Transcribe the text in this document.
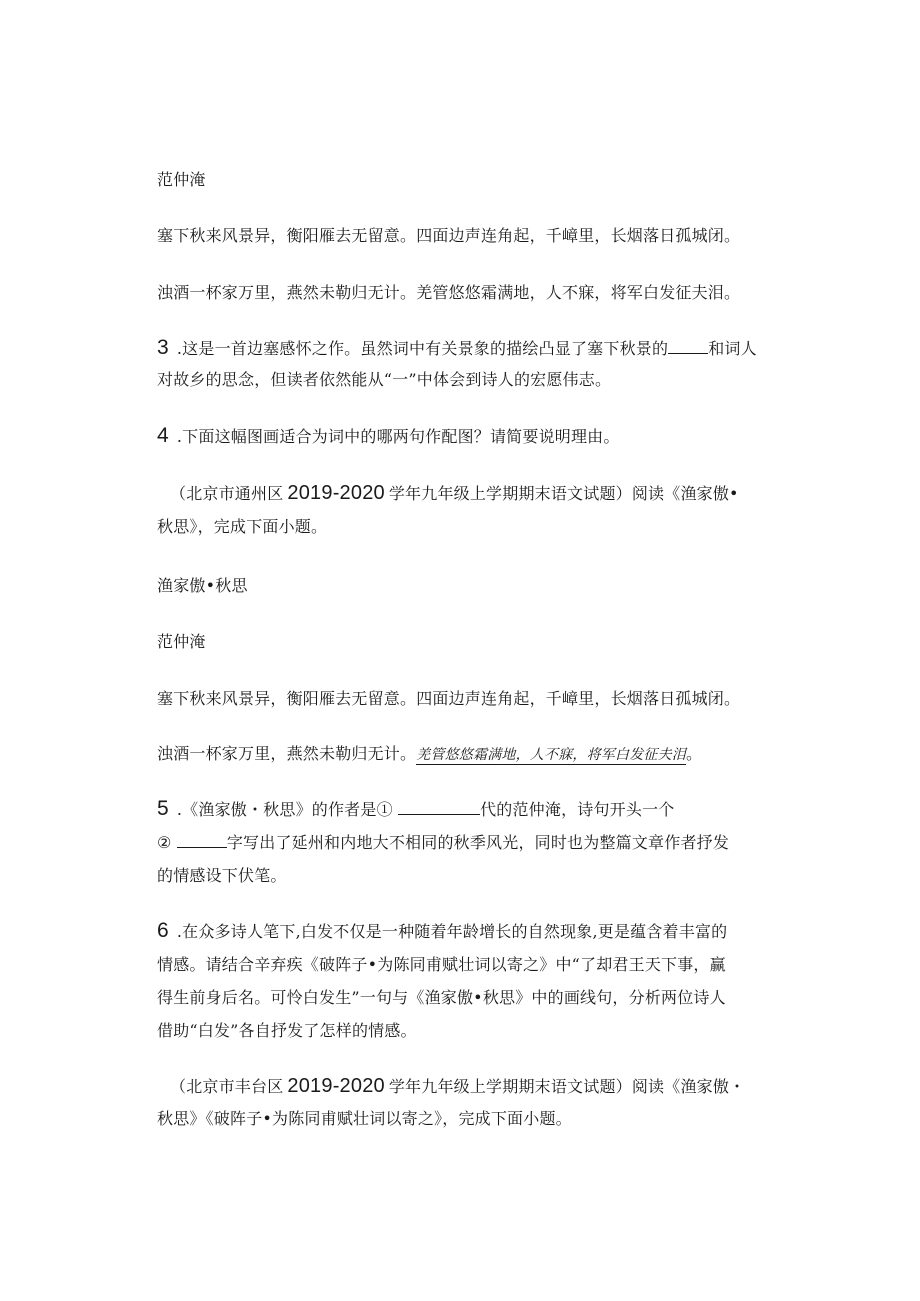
范仲淹
塞下秋来风景异，衡阳雁去无留意。四面边声连角起，千嶂里，长烟落日孤城闭。
浊酒一杯家万里，燕然未勒归无计。羌管悠悠霜满地，人不寐，将军白发征夫泪。
3 .这是一首边塞感怀之作。虽然词中有关景象的描绘凸显了塞下秋景的	和词人
对故乡的思念，但读者依然能从“一”中体会到诗人的宏愿伟志。
4 .下面这幅图画适合为词中的哪两句作配图？请简要说明理由。
（北京市通州区 2019-2020 学年九年级上学期期末语文试题）阅读《渔家傲•
秋思》，完成下面小题。
渔家傲•秋思
范仲淹
塞下秋来风景异，衡阳雁去无留意。四面边声连角起，千嶂里，长烟落日孤城闭。
浊酒一杯家万里，燕然未勒归无计。羌管悠悠霜满地，人不寐，将军白发征夫泪。
5 .《渔家傲・秋思》的作者是①	代的范仲淹，诗句开头一个
②	字写出了延州和内地大不相同的秋季风光，同时也为整篇文章作者抒发
的情感设下伏笔。
6 .在众多诗人笔下,白发不仅是一种随着年龄增长的自然现象,更是蕴含着丰富的
情感。请结合辛弃疾《破阵子•为陈同甫赋壮词以寄之》中“了却君王天下事，赢
得生前身后名。可怜白发生”一句与《渔家傲•秋思》中的画线句，分析两位诗人
借助“白发”各自抒发了怎样的情感。
（北京市丰台区 2019-2020 学年九年级上学期期末语文试题）阅读《渔家傲・
秋思》《破阵子•为陈同甫赋壮词以寄之》，完成下面小题。
